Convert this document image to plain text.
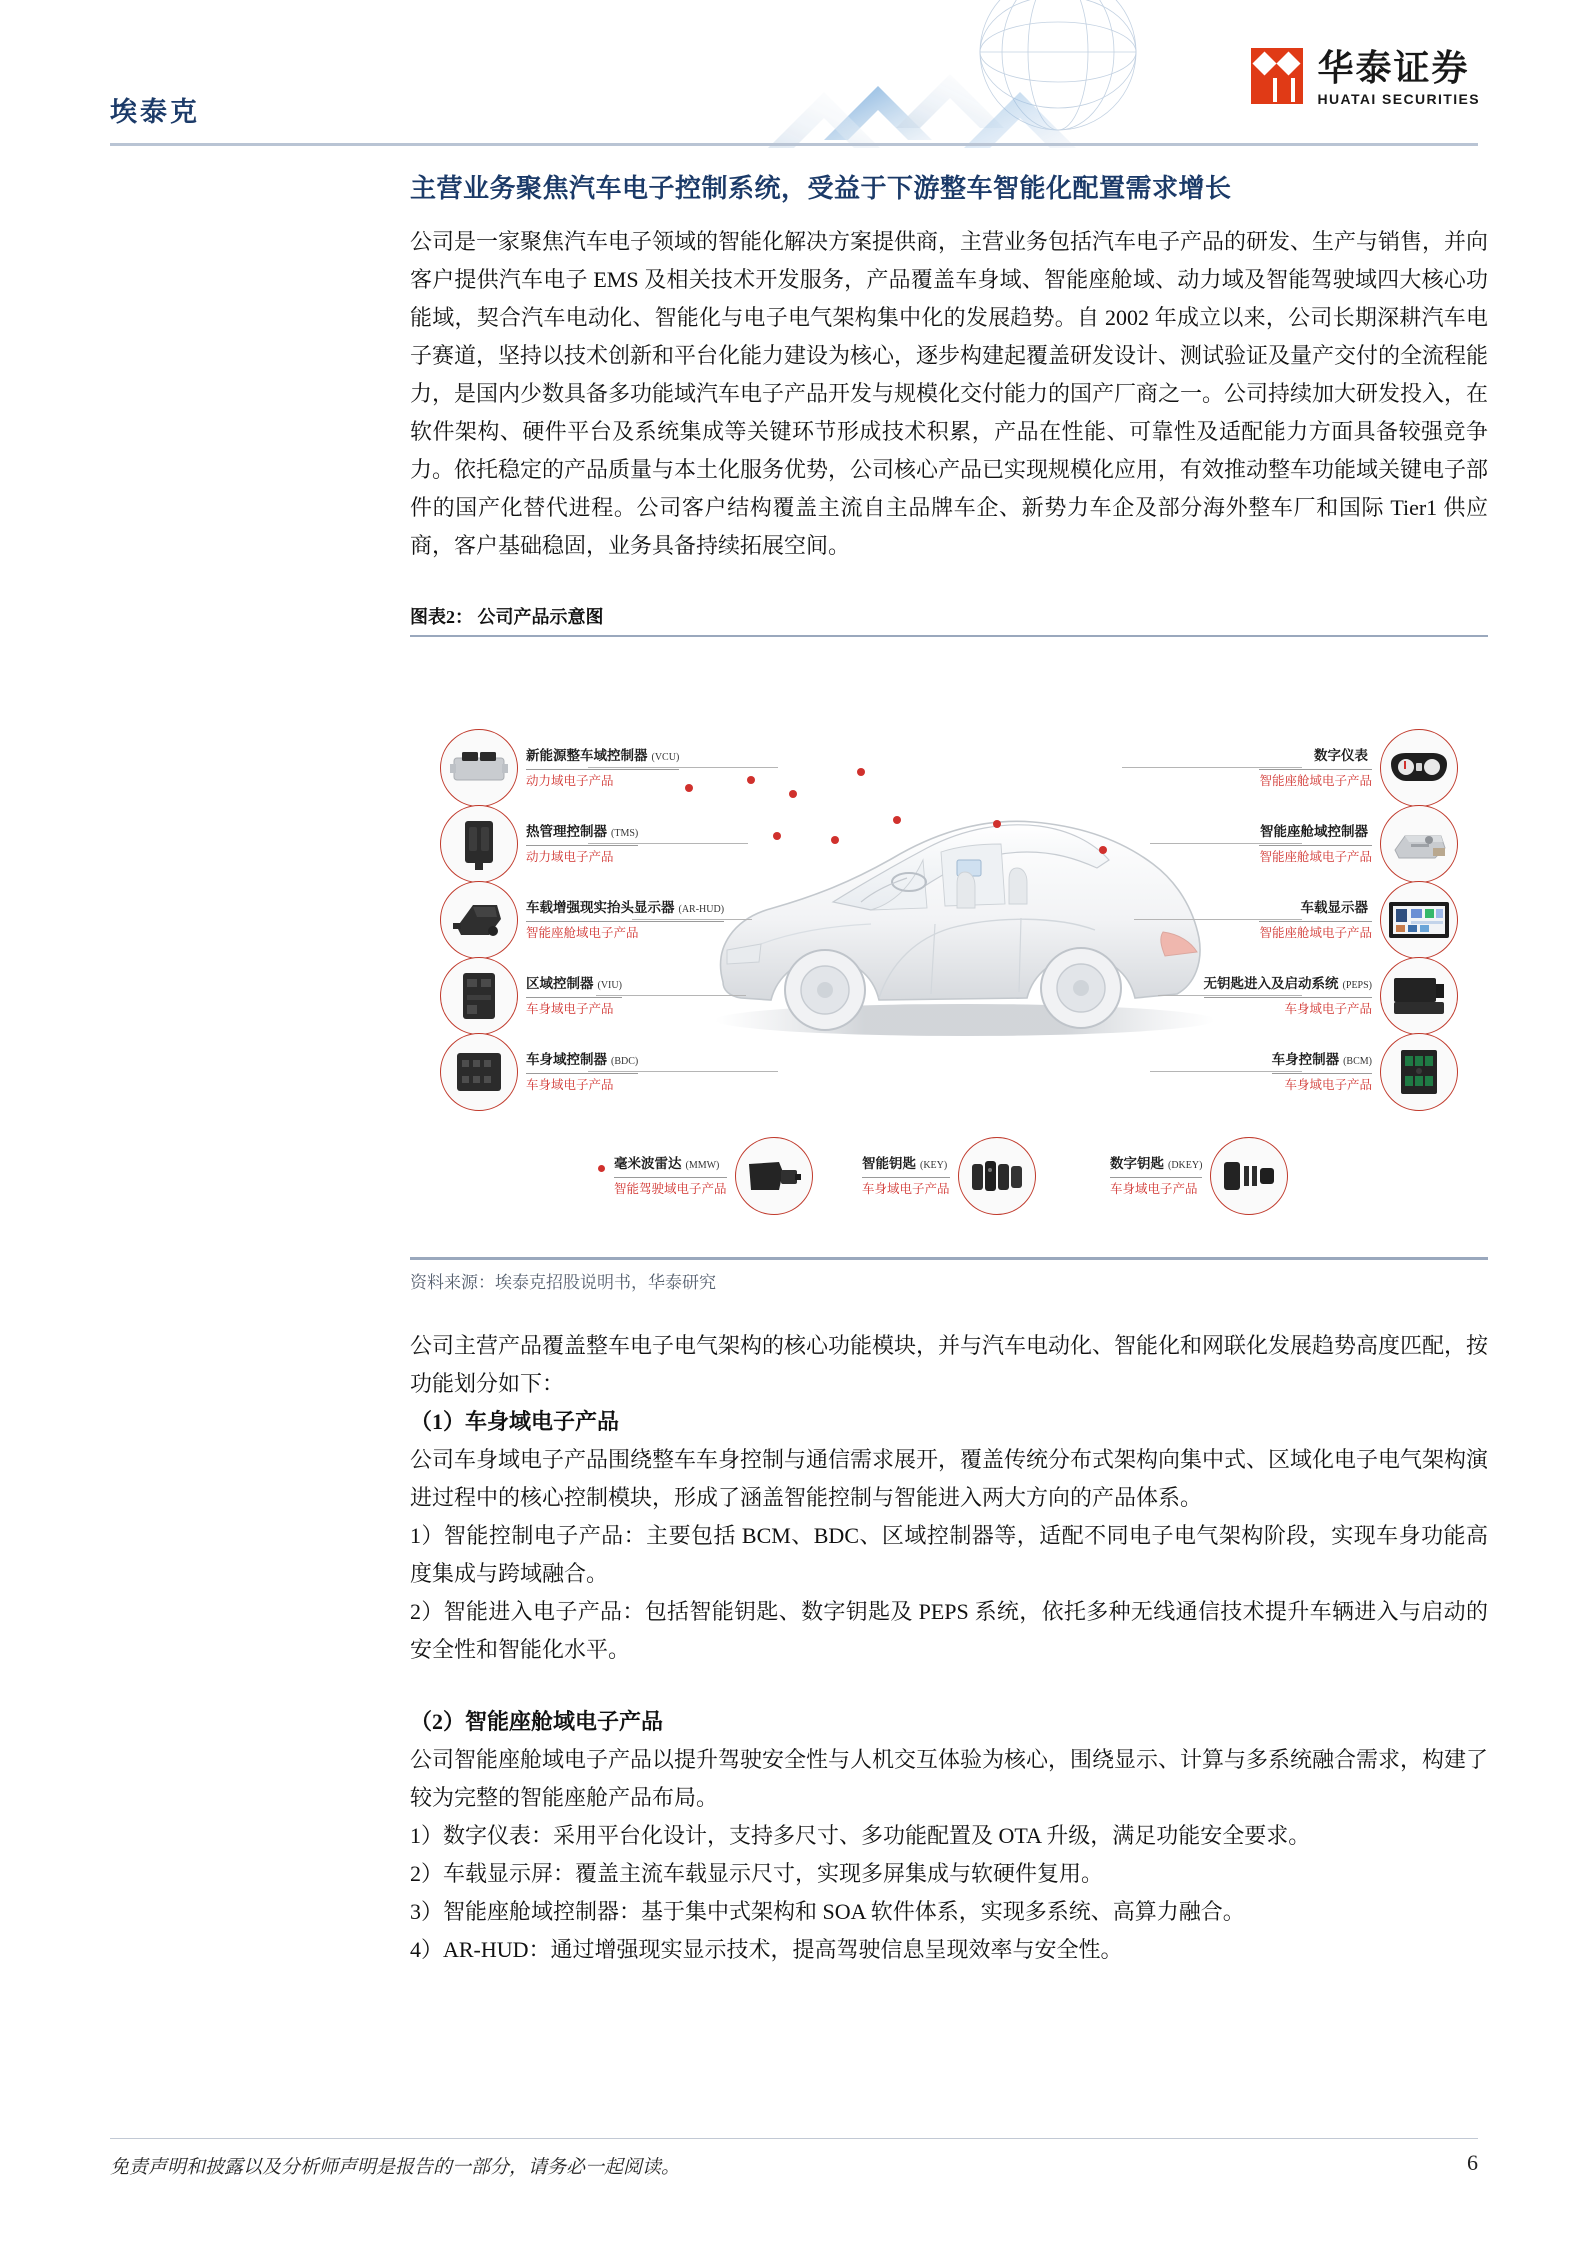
埃泰克
华泰证券
HUATAI SECURITIES
主营业务聚焦汽车电子控制系统，受益于下游整车智能化配置需求增长

公司是一家聚焦汽车电子领域的智能化解决方案提供商，主营业务包括汽车电子产品的研发、生产与销售，并向客户提供汽车电子 EMS 及相关技术开发服务，产品覆盖车身域、智能座舱域、动力域及智能驾驶域四大核心功能域，契合汽车电动化、智能化与电子电气架构集中化的发展趋势。自 2002 年成立以来，公司长期深耕汽车电子赛道，坚持以技术创新和平台化能力建设为核心，逐步构建起覆盖研发设计、测试验证及量产交付的全流程能力，是国内少数具备多功能域汽车电子产品开发与规模化交付能力的国产厂商之一。公司持续加大研发投入，在软件架构、硬件平台及系统集成等关键环节形成技术积累，产品在性能、可靠性及适配能力方面具备较强竞争力。依托稳定的产品质量与本土化服务优势，公司核心产品已实现规模化应用，有效推动整车功能域关键电子部件的国产化替代进程。公司客户结构覆盖主流自主品牌车企、新势力车企及部分海外整车厂和国际 Tier1 供应商，客户基础稳固，业务具备持续拓展空间。

图表2： 公司产品示意图
新能源整车域控制器 (VCU)
动力域电子产品
热管理控制器 (TMS)
动力域电子产品
车载增强现实抬头显示器 (AR-HUD)
智能座舱域电子产品
区域控制器 (VIU)
车身域电子产品
车身域控制器 (BDC)
车身域电子产品
数字仪表
智能座舱域电子产品
智能座舱域控制器
智能座舱域电子产品
车载显示器
智能座舱域电子产品
无钥匙进入及启动系统 (PEPS)
车身域电子产品
车身控制器 (BCM)
车身域电子产品
毫米波雷达 (MMW)
智能驾驶域电子产品
智能钥匙 (KEY)
车身域电子产品
数字钥匙 (DKEY)
车身域电子产品
资料来源：埃泰克招股说明书，华泰研究

公司主营产品覆盖整车电子电气架构的核心功能模块，并与汽车电动化、智能化和网联化发展趋势高度匹配，按功能划分如下：

（1）车身域电子产品

公司车身域电子产品围绕整车车身控制与通信需求展开，覆盖传统分布式架构向集中式、区域化电子电气架构演进过程中的核心控制模块，形成了涵盖智能控制与智能进入两大方向的产品体系。

1）智能控制电子产品：主要包括 BCM、BDC、区域控制器等，适配不同电子电气架构阶段，实现车身功能高度集成与跨域融合。

2）智能进入电子产品：包括智能钥匙、数字钥匙及 PEPS 系统，依托多种无线通信技术提升车辆进入与启动的安全性和智能化水平。

（2）智能座舱域电子产品

公司智能座舱域电子产品以提升驾驶安全性与人机交互体验为核心，围绕显示、计算与多系统融合需求，构建了较为完整的智能座舱产品布局。

1）数字仪表：采用平台化设计，支持多尺寸、多功能配置及 OTA 升级，满足功能安全要求。

2）车载显示屏：覆盖主流车载显示尺寸，实现多屏集成与软硬件复用。

3）智能座舱域控制器：基于集中式架构和 SOA 软件体系，实现多系统、高算力融合。

4）AR-HUD：通过增强现实显示技术，提高驾驶信息呈现效率与安全性。

免责声明和披露以及分析师声明是报告的一部分，请务必一起阅读。	6
